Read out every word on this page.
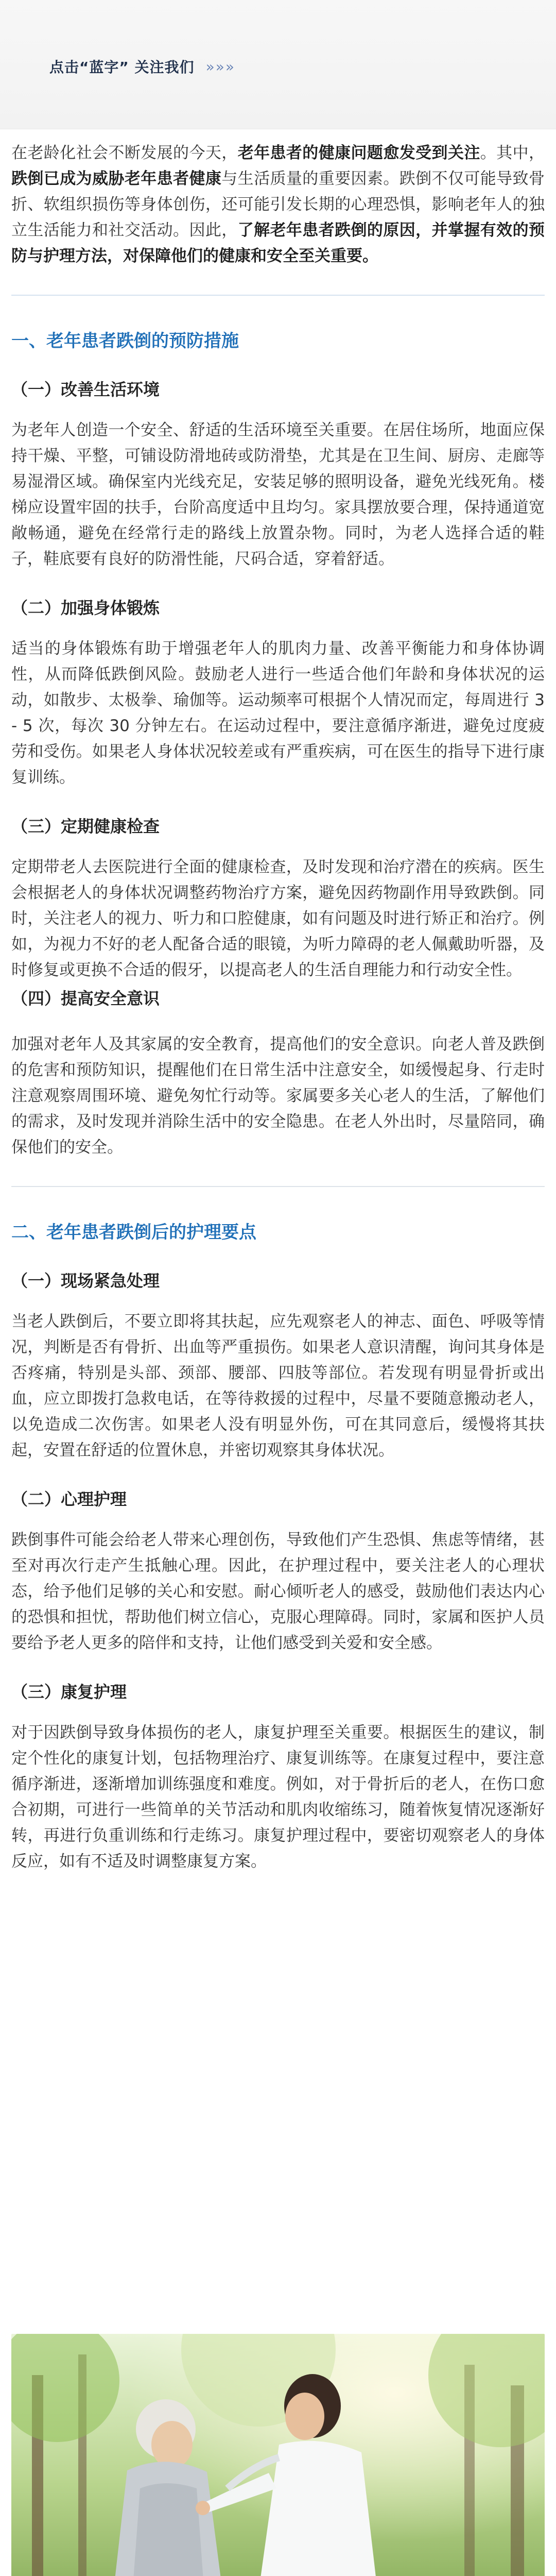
点击“蓝字” 关注我们 »»»

在老龄化社会不断发展的今天，老年患者的健康问题愈发受到关注。其中，跌倒已成为威胁老年患者健康与生活质量的重要因素。跌倒不仅可能导致骨折、软组织损伤等身体创伤，还可能引发长期的心理恐惧，影响老年人的独立生活能力和社交活动。因此，了解老年患者跌倒的原因，并掌握有效的预防与护理方法，对保障他们的健康和安全至关重要。

一、老年患者跌倒的预防措施
（一）改善生活环境

为老年人创造一个安全、舒适的生活环境至关重要。在居住场所，地面应保持干燥、平整，可铺设防滑地砖或防滑垫，尤其是在卫生间、厨房、走廊等易湿滑区域。确保室内光线充足，安装足够的照明设备，避免光线死角。楼梯应设置牢固的扶手，台阶高度适中且均匀。家具摆放要合理，保持通道宽敞畅通，避免在经常行走的路线上放置杂物。同时，为老人选择合适的鞋子，鞋底要有良好的防滑性能，尺码合适，穿着舒适。

（二）加强身体锻炼

适当的身体锻炼有助于增强老年人的肌肉力量、改善平衡能力和身体协调性，从而降低跌倒风险。鼓励老人进行一些适合他们年龄和身体状况的运动，如散步、太极拳、瑜伽等。运动频率可根据个人情况而定，每周进行 3 - 5 次，每次 30 分钟左右。在运动过程中，要注意循序渐进，避免过度疲劳和受伤。如果老人身体状况较差或有严重疾病，可在医生的指导下进行康复训练。

（三）定期健康检查

定期带老人去医院进行全面的健康检查，及时发现和治疗潜在的疾病。医生会根据老人的身体状况调整药物治疗方案，避免因药物副作用导致跌倒。同时，关注老人的视力、听力和口腔健康，如有问题及时进行矫正和治疗。例如，为视力不好的老人配备合适的眼镜，为听力障碍的老人佩戴助听器，及时修复或更换不合适的假牙，以提高老人的生活自理能力和行动安全性。

（四）提高安全意识

加强对老年人及其家属的安全教育，提高他们的安全意识。向老人普及跌倒的危害和预防知识，提醒他们在日常生活中注意安全，如缓慢起身、行走时注意观察周围环境、避免匆忙行动等。家属要多关心老人的生活，了解他们的需求，及时发现并消除生活中的安全隐患。在老人外出时，尽量陪同，确保他们的安全。

二、老年患者跌倒后的护理要点
（一）现场紧急处理

当老人跌倒后，不要立即将其扶起，应先观察老人的神志、面色、呼吸等情况，判断是否有骨折、出血等严重损伤。如果老人意识清醒，询问其身体是否疼痛，特别是头部、颈部、腰部、四肢等部位。若发现有明显骨折或出血，应立即拨打急救电话，在等待救援的过程中，尽量不要随意搬动老人，以免造成二次伤害。如果老人没有明显外伤，可在其同意后，缓慢将其扶起，安置在舒适的位置休息，并密切观察其身体状况。

（二）心理护理

跌倒事件可能会给老人带来心理创伤，导致他们产生恐惧、焦虑等情绪，甚至对再次行走产生抵触心理。因此，在护理过程中，要关注老人的心理状态，给予他们足够的关心和安慰。耐心倾听老人的感受，鼓励他们表达内心的恐惧和担忧，帮助他们树立信心，克服心理障碍。同时，家属和医护人员要给予老人更多的陪伴和支持，让他们感受到关爱和安全感。

（三）康复护理

对于因跌倒导致身体损伤的老人，康复护理至关重要。根据医生的建议，制定个性化的康复计划，包括物理治疗、康复训练等。在康复过程中，要注意循序渐进，逐渐增加训练强度和难度。例如，对于骨折后的老人，在伤口愈合初期，可进行一些简单的关节活动和肌肉收缩练习，随着恢复情况逐渐好转，再进行负重训练和行走练习。康复护理过程中，要密切观察老人的身体反应，如有不适及时调整康复方案。
